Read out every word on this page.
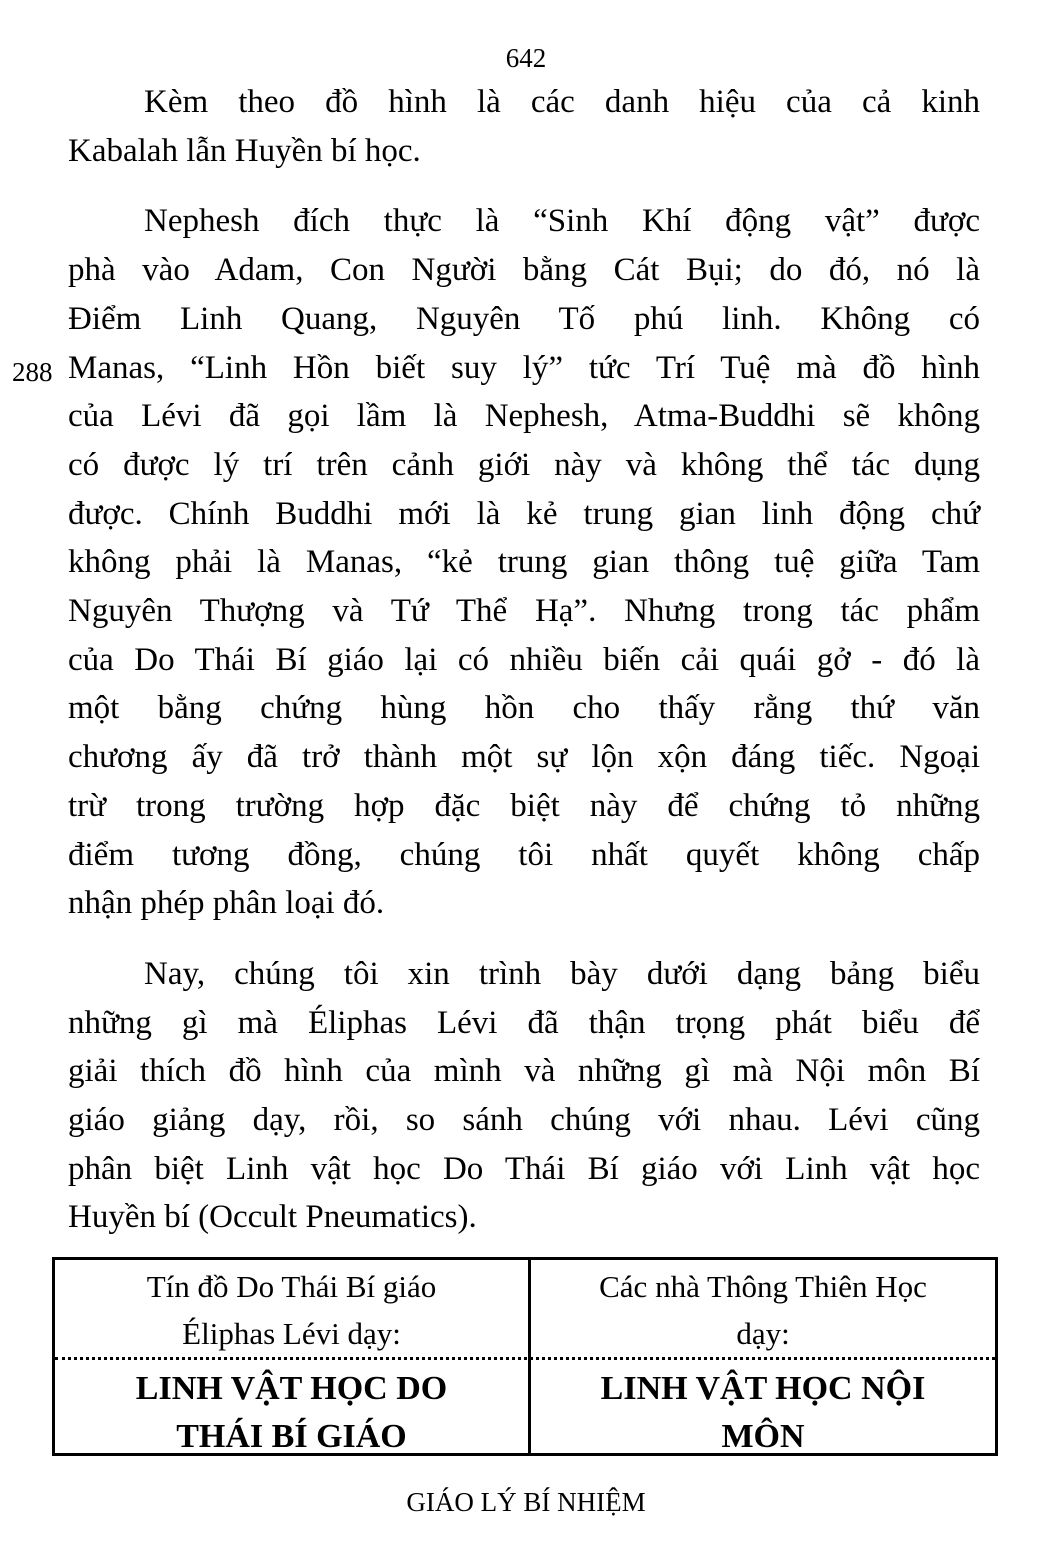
642
288
Kèm theo đồ hình là các danh hiệu của cả kinh
Kabalah lẫn Huyền bí học.
Nephesh đích thực là “Sinh Khí động vật” được
phà vào Adam, Con Người bằng Cát Bụi; do đó, nó là
Điểm Linh Quang, Nguyên Tố phú linh. Không có
Manas, “Linh Hồn biết suy lý” tức Trí Tuệ mà đồ hình
của Lévi đã gọi lầm là Nephesh, Atma-Buddhi sẽ không
có được lý trí trên cảnh giới này và không thể tác dụng
được. Chính Buddhi mới là kẻ trung gian linh động chứ
không phải là Manas, “kẻ trung gian thông tuệ giữa Tam
Nguyên Thượng và Tứ Thể Hạ”. Nhưng trong tác phẩm
của Do Thái Bí giáo lại có nhiều biến cải quái gở - đó là
một bằng chứng hùng hồn cho thấy rằng thứ văn
chương ấy đã trở thành một sự lộn xộn đáng tiếc. Ngoại
trừ trong trường hợp đặc biệt này để chứng tỏ những
điểm tương đồng, chúng tôi nhất quyết không chấp
nhận phép phân loại đó.
Nay, chúng tôi xin trình bày dưới dạng bảng biểu
những gì mà Éliphas Lévi đã thận trọng phát biểu để
giải thích đồ hình của mình và những gì mà Nội môn Bí
giáo giảng dạy, rồi, so sánh chúng với nhau. Lévi cũng
phân biệt Linh vật học Do Thái Bí giáo với Linh vật học
Huyền bí (Occult Pneumatics).
Tín đồ Do Thái Bí giáo
Éliphas Lévi dạy:
LINH VẬT HỌC DO
THÁI BÍ GIÁO
Các nhà Thông Thiên Học
dạy:
LINH VẬT HỌC NỘI
MÔN
GIÁO LÝ BÍ NHIỆM
